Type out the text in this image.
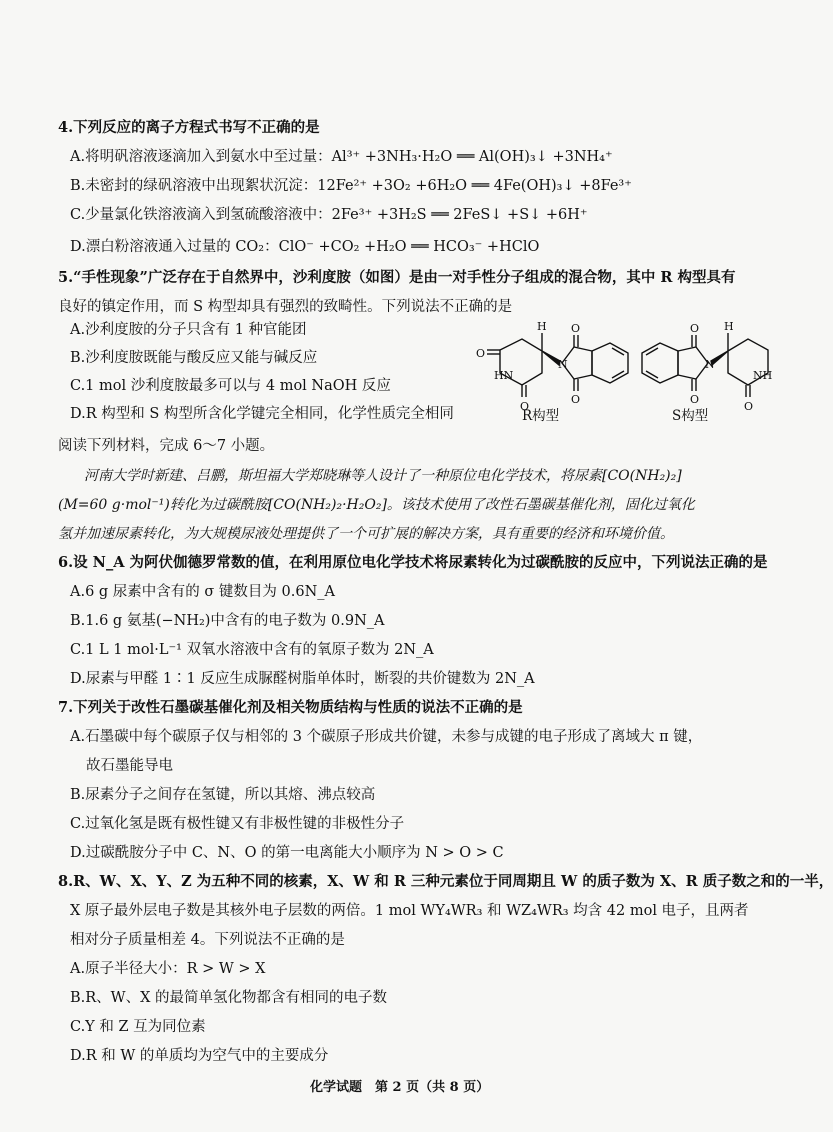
4.下列反应的离子方程式书写不正确的是

A.将明矾溶液逐滴加入到氨水中至过量：Al³⁺ +3NH₃·H₂O ══ Al(OH)₃↓ +3NH₄⁺

B.未密封的绿矾溶液中出现絮状沉淀：12Fe²⁺ +3O₂ +6H₂O ══ 4Fe(OH)₃↓ +8Fe³⁺

C.少量氯化铁溶液滴入到氢硫酸溶液中：2Fe³⁺ +3H₂S ══ 2FeS↓ +S↓ +6H⁺

D.漂白粉溶液通入过量的 CO₂：ClO⁻ +CO₂ +H₂O ══ HCO₃⁻ +HClO

5.“手性现象”广泛存在于自然界中，沙利度胺（如图）是由一对手性分子组成的混合物，其中 R 构型具有

良好的镇定作用，而 S 构型却具有强烈的致畸性。下列说法不正确的是

A.沙利度胺的分子只含有 1 种官能团

B.沙利度胺既能与酸反应又能与碱反应

C.1 mol 沙利度胺最多可以与 4 mol NaOH 反应

D.R 构型和 S 构型所含化学键完全相同，化学性质完全相同

O
HN
O
H
N
O
O
O
O
N
H
O
NH

R构型	S构型

阅读下列材料，完成 6～7 小题。

河南大学时新建、吕鹏，斯坦福大学郑晓琳等人设计了一种原位电化学技术，将尿素[CO(NH₂)₂]

(M=60 g·mol⁻¹)转化为过碳酰胺[CO(NH₂)₂·H₂O₂]。该技术使用了改性石墨碳基催化剂，固化过氧化

氢并加速尿素转化，为大规模尿液处理提供了一个可扩展的解决方案，具有重要的经济和环境价值。

6.设 N_A 为阿伏伽德罗常数的值，在利用原位电化学技术将尿素转化为过碳酰胺的反应中，下列说法正确的是

A.6 g 尿素中含有的 σ 键数目为 0.6N_A

B.1.6 g 氨基(−NH₂)中含有的电子数为 0.9N_A

C.1 L 1 mol·L⁻¹ 双氧水溶液中含有的氧原子数为 2N_A

D.尿素与甲醛 1∶1 反应生成脲醛树脂单体时，断裂的共价键数为 2N_A

7.下列关于改性石墨碳基催化剂及相关物质结构与性质的说法不正确的是

A.石墨碳中每个碳原子仅与相邻的 3 个碳原子形成共价键，未参与成键的电子形成了离域大 π 键，

故石墨能导电

B.尿素分子之间存在氢键，所以其熔、沸点较高

C.过氧化氢是既有极性键又有非极性键的非极性分子

D.过碳酰胺分子中 C、N、O 的第一电离能大小顺序为 N > O > C

8.R、W、X、Y、Z 为五种不同的核素，X、W 和 R 三种元素位于同周期且 W 的质子数为 X、R 质子数之和的一半，

X 原子最外层电子数是其核外电子层数的两倍。1 mol WY₄WR₃ 和 WZ₄WR₃ 均含 42 mol 电子，且两者

相对分子质量相差 4。下列说法不正确的是

A.原子半径大小：R > W > X

B.R、W、X 的最简单氢化物都含有相同的电子数

C.Y 和 Z 互为同位素

D.R 和 W 的单质均为空气中的主要成分

化学试题　第 2 页（共 8 页）
